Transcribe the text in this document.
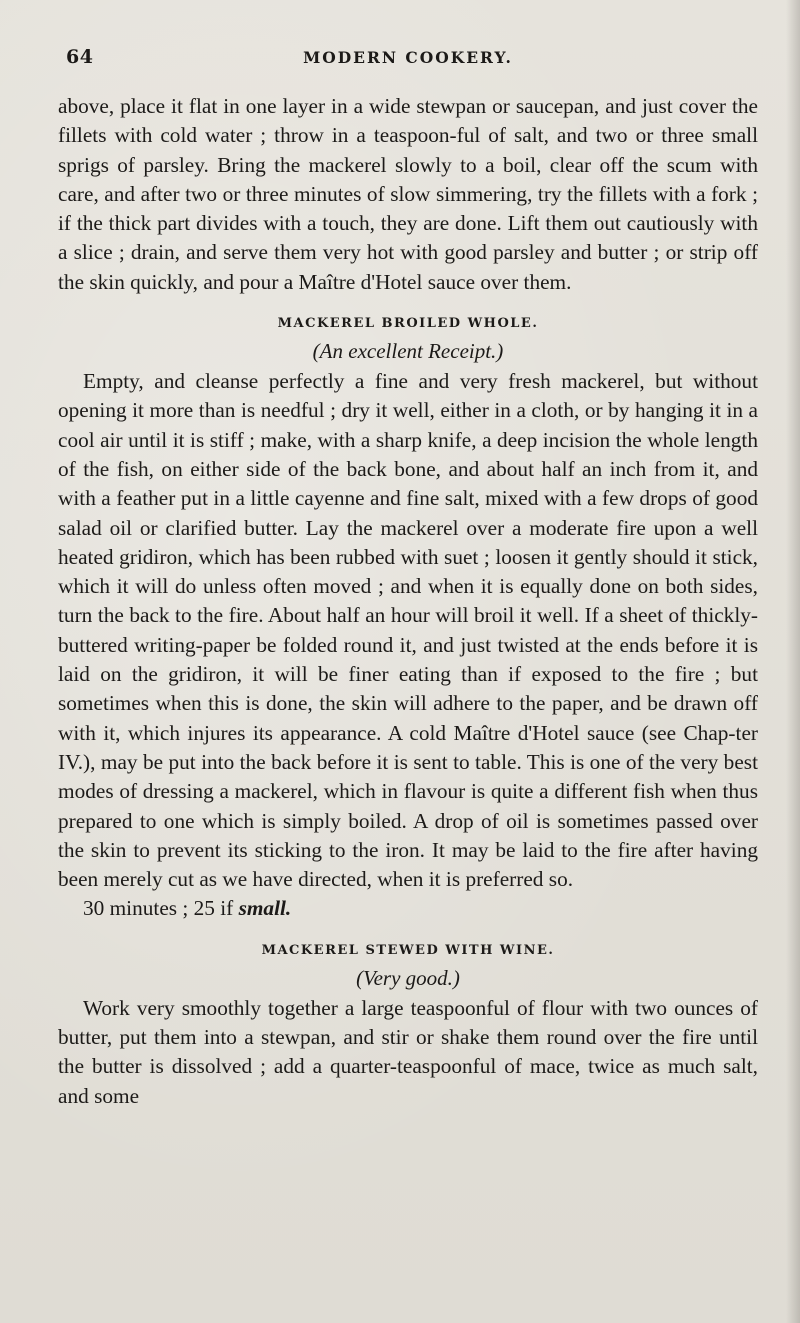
64	MODERN COOKERY.

above, place it flat in one layer in a wide stewpan or saucepan, and just cover the fillets with cold water ; throw in a teaspoon-ful of salt, and two or three small sprigs of parsley. Bring the mackerel slowly to a boil, clear off the scum with care, and after two or three minutes of slow simmering, try the fillets with a fork ; if the thick part divides with a touch, they are done. Lift them out cautiously with a slice ; drain, and serve them very hot with good parsley and butter ; or strip off the skin quickly, and pour a Maître d'Hotel sauce over them.

MACKEREL BROILED WHOLE.
(An excellent Receipt.)

Empty, and cleanse perfectly a fine and very fresh mackerel, but without opening it more than is needful ; dry it well, either in a cloth, or by hanging it in a cool air until it is stiff ; make, with a sharp knife, a deep incision the whole length of the fish, on either side of the back bone, and about half an inch from it, and with a feather put in a little cayenne and fine salt, mixed with a few drops of good salad oil or clarified butter. Lay the mackerel over a moderate fire upon a well heated gridiron, which has been rubbed with suet ; loosen it gently should it stick, which it will do unless often moved ; and when it is equally done on both sides, turn the back to the fire. About half an hour will broil it well. If a sheet of thickly-buttered writing-paper be folded round it, and just twisted at the ends before it is laid on the gridiron, it will be finer eating than if exposed to the fire ; but sometimes when this is done, the skin will adhere to the paper, and be drawn off with it, which injures its appearance. A cold Maître d'Hotel sauce (see Chap-ter IV.), may be put into the back before it is sent to table. This is one of the very best modes of dressing a mackerel, which in flavour is quite a different fish when thus prepared to one which is simply boiled. A drop of oil is sometimes passed over the skin to prevent its sticking to the iron. It may be laid to the fire after having been merely cut as we have directed, when it is preferred so.

30 minutes ; 25 if small.

MACKEREL STEWED WITH WINE.
(Very good.)

Work very smoothly together a large teaspoonful of flour with two ounces of butter, put them into a stewpan, and stir or shake them round over the fire until the butter is dissolved ; add a quarter-teaspoonful of mace, twice as much salt, and some
